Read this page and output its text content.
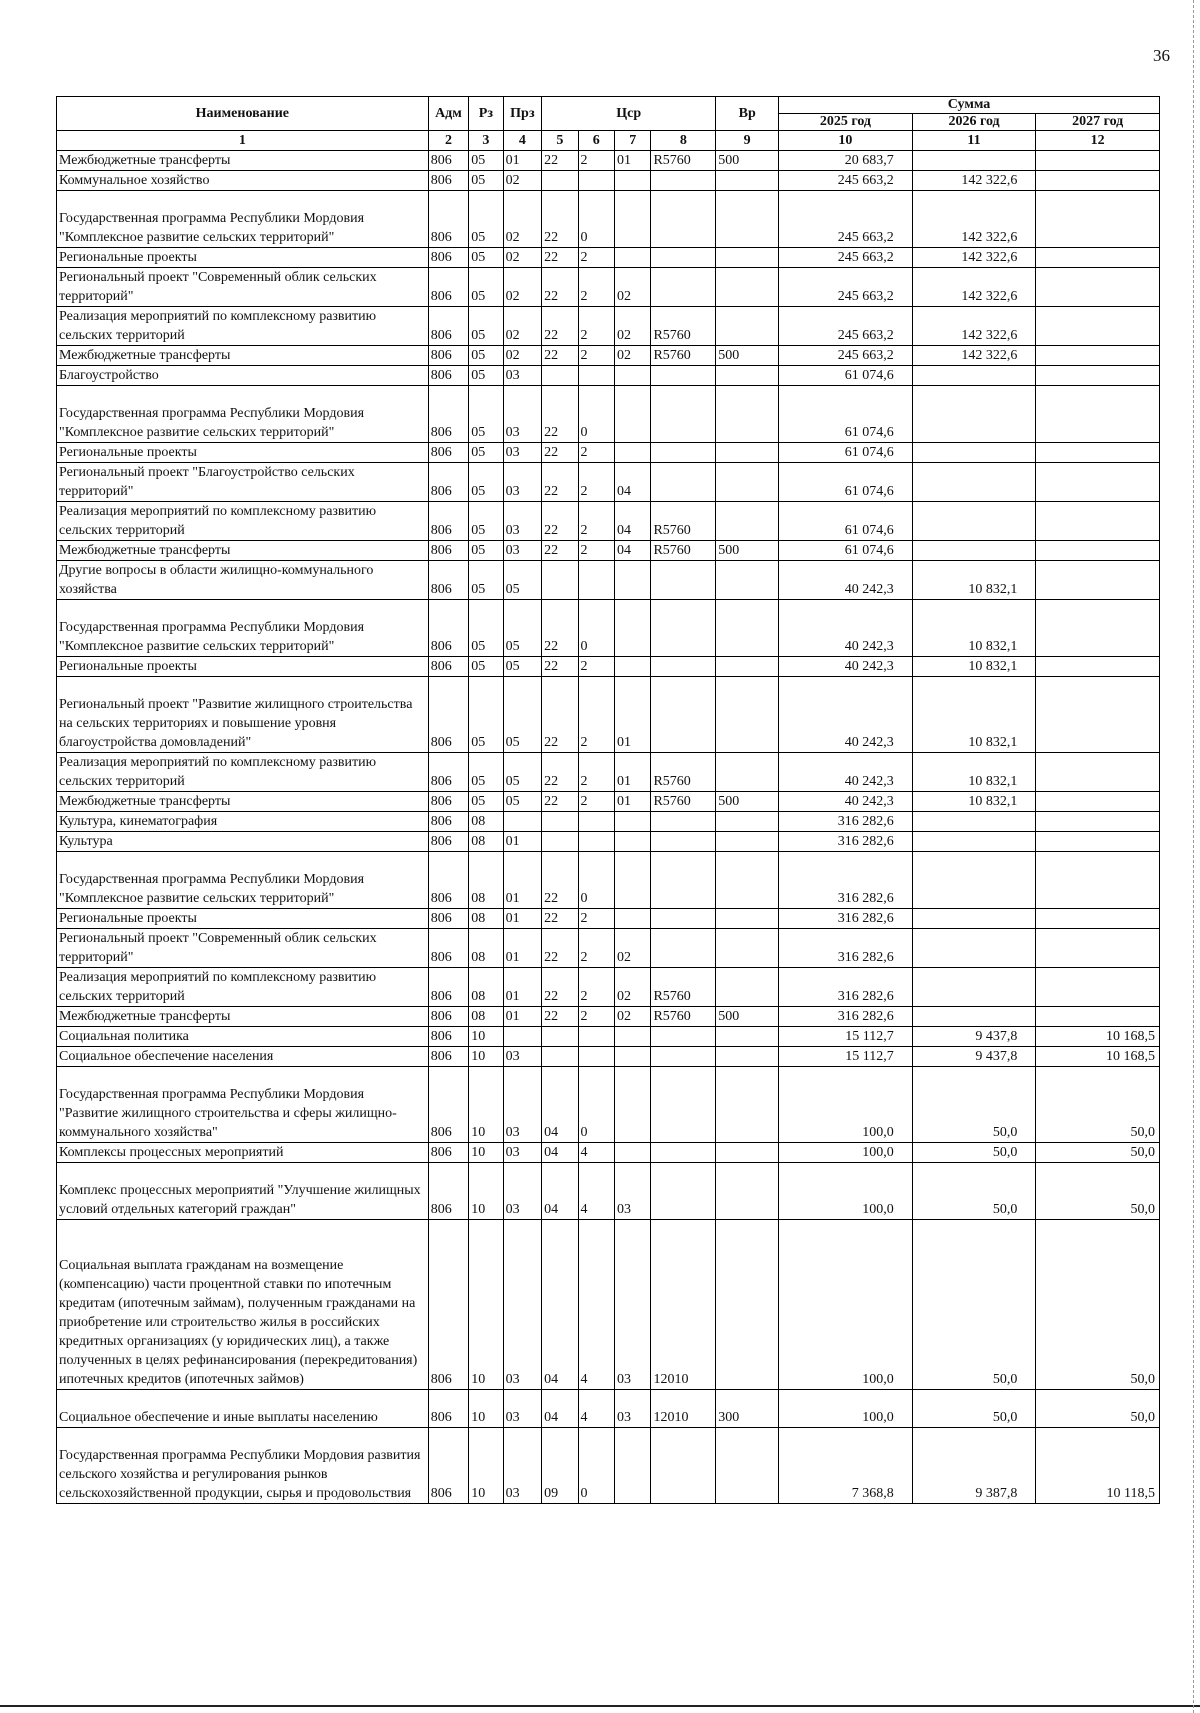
36
Наименование	Адм	Рз	Прз	Цср				Вр	Сумма		
									2025 год	2026 год	2027 год
1	2	3	4	5	6	7	8	9	10	11	12
Межбюджетные трансферты	806	05	01	22	2	01	R5760	500	20 683,7		
Коммунальное хозяйство	806	05	02						245 663,2	142 322,6	
Государственная программа Республики Мордовия "Комплексное развитие сельских территорий"	806	05	02	22	0				245 663,2	142 322,6	
Региональные проекты	806	05	02	22	2				245 663,2	142 322,6	
Региональный проект "Современный облик сельских территорий"	806	05	02	22	2	02			245 663,2	142 322,6	
Реализация мероприятий по комплексному развитию сельских территорий	806	05	02	22	2	02	R5760		245 663,2	142 322,6	
Межбюджетные трансферты	806	05	02	22	2	02	R5760	500	245 663,2	142 322,6	
Благоустройство	806	05	03						61 074,6		
Государственная программа Республики Мордовия "Комплексное развитие сельских территорий"	806	05	03	22	0				61 074,6		
Региональные проекты	806	05	03	22	2				61 074,6		
Региональный проект "Благоустройство сельских территорий"	806	05	03	22	2	04			61 074,6		
Реализация мероприятий по комплексному развитию сельских территорий	806	05	03	22	2	04	R5760		61 074,6		
Межбюджетные трансферты	806	05	03	22	2	04	R5760	500	61 074,6		
Другие вопросы в области жилищно-коммунального хозяйства	806	05	05						40 242,3	10 832,1	
Государственная программа Республики Мордовия "Комплексное развитие сельских территорий"	806	05	05	22	0				40 242,3	10 832,1	
Региональные проекты	806	05	05	22	2				40 242,3	10 832,1	
Региональный проект "Развитие жилищного строительства на сельских территориях и повышение уровня благоустройства домовладений"	806	05	05	22	2	01			40 242,3	10 832,1	
Реализация мероприятий по комплексному развитию сельских территорий	806	05	05	22	2	01	R5760		40 242,3	10 832,1	
Межбюджетные трансферты	806	05	05	22	2	01	R5760	500	40 242,3	10 832,1	
Культура, кинематография	806	08							316 282,6		
Культура	806	08	01						316 282,6		
Государственная программа Республики Мордовия "Комплексное развитие сельских территорий"	806	08	01	22	0				316 282,6		
Региональные проекты	806	08	01	22	2				316 282,6		
Региональный проект "Современный облик сельских территорий"	806	08	01	22	2	02			316 282,6		
Реализация мероприятий по комплексному развитию сельских территорий	806	08	01	22	2	02	R5760		316 282,6		
Межбюджетные трансферты	806	08	01	22	2	02	R5760	500	316 282,6		
Социальная политика	806	10							15 112,7	9 437,8	10 168,5
Социальное обеспечение населения	806	10	03						15 112,7	9 437,8	10 168,5
Государственная программа Республики Мордовия "Развитие жилищного строительства и сферы жилищно-коммунального хозяйства"	806	10	03	04	0				100,0	50,0	50,0
Комплексы процессных мероприятий	806	10	03	04	4				100,0	50,0	50,0
Комплекс процессных мероприятий "Улучшение жилищных условий отдельных категорий граждан"	806	10	03	04	4	03			100,0	50,0	50,0
Социальная выплата гражданам на возмещение (компенсацию) части процентной ставки по ипотечным кредитам (ипотечным займам), полученным гражданами на приобретение или строительство жилья в российских кредитных организациях (у юридических лиц), а также полученных в целях рефинансирования (перекредитования) ипотечных кредитов (ипотечных займов)	806	10	03	04	4	03	12010		100,0	50,0	50,0
Социальное обеспечение и иные выплаты населению	806	10	03	04	4	03	12010	300	100,0	50,0	50,0
Государственная программа Республики Мордовия развития сельского хозяйства и регулирования рынков сельскохозяйственной продукции, сырья и продовольствия	806	10	03	09	0				7 368,8	9 387,8	10 118,5
